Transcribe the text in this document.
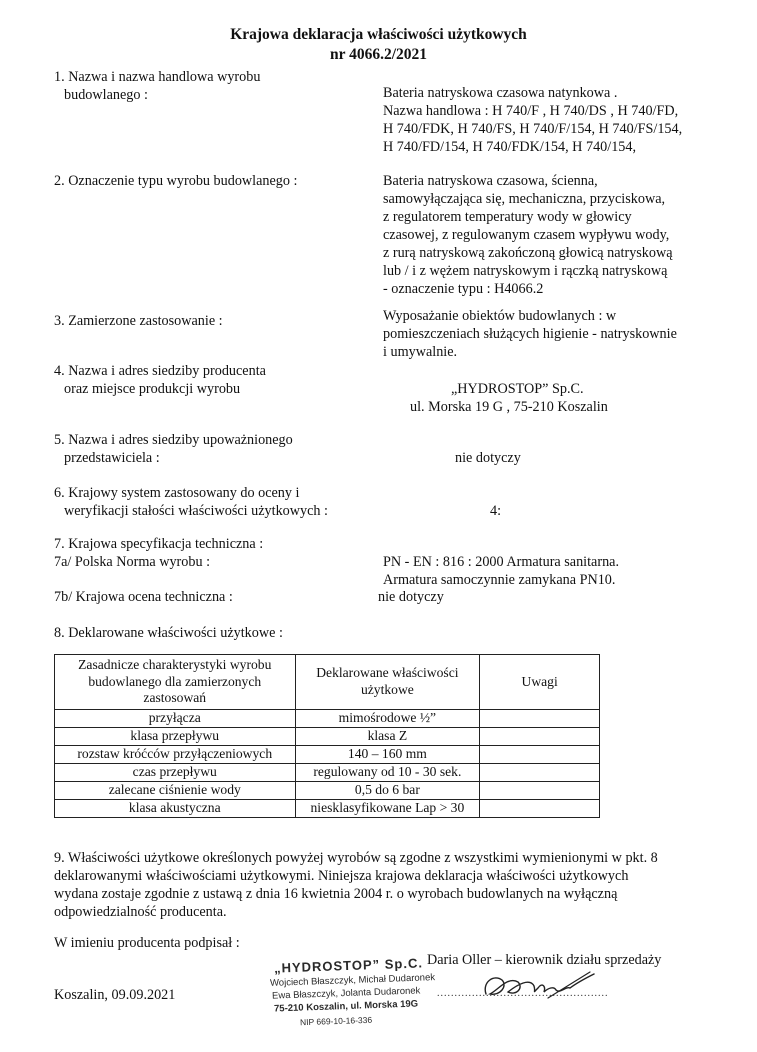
Krajowa deklaracja właściwości użytkowych
nr 4066.2/2021
1. Nazwa i nazwa handlowa wyrobu
budowlanego :	Bateria natryskowa czasowa natynkowa .
Nazwa handlowa : H 740/F , H 740/DS , H 740/FD,
H 740/FDK, H 740/FS, H 740/F/154, H 740/FS/154,
H 740/FD/154, H 740/FDK/154, H 740/154,
2. Oznaczenie typu wyrobu budowlanego :	Bateria natryskowa czasowa, ścienna,
samowyłączająca się, mechaniczna, przyciskowa,
z regulatorem temperatury wody w głowicy
czasowej, z regulowanym czasem wypływu wody,
z rurą natryskową zakończoną głowicą natryskową
lub / i z wężem natryskowym i rączką natryskową
- oznaczenie typu : H4066.2
3. Zamierzone zastosowanie :	Wyposażanie obiektów budowlanych : w
pomieszczeniach służących higienie - natryskownie
i umywalnie.
4. Nazwa i adres siedziby producenta
oraz miejsce produkcji wyrobu	„HYDROSTOP” Sp.C.
ul. Morska 19 G , 75-210 Koszalin
5. Nazwa i adres siedziby upoważnionego
przedstawiciela :	nie dotyczy
6. Krajowy system zastosowany do oceny i
weryfikacji stałości właściwości użytkowych :	4:
7. Krajowa specyfikacja techniczna :
7a/ Polska Norma wyrobu :	PN - EN : 816 : 2000 Armatura sanitarna.
Armatura samoczynnie zamykana PN10.
7b/ Krajowa ocena techniczna :	nie dotyczy
8. Deklarowane właściwości użytkowe :
Zasadnicze charakterystyki wyrobu budowlanego dla zamierzonych zastosowań	Deklarowane właściwości użytkowe	Uwagi
przyłącza	mimośrodowe ½”	
klasa przepływu	klasa Z	
rozstaw króćców przyłączeniowych	140 – 160 mm	
czas przepływu	regulowany od 10 - 30 sek.	
zalecane ciśnienie wody	0,5 do 6 bar	
klasa akustyczna	niesklasyfikowane Lap > 30	
9. Właściwości użytkowe określonych powyżej wyrobów są zgodne z wszystkimi wymienionymi w pkt. 8
deklarowanymi właściwościami użytkowymi. Niniejsza krajowa deklaracja właściwości użytkowych
wydana zostaje zgodnie z ustawą z dnia 16 kwietnia 2004 r. o wyrobach budowlanych na wyłączną
odpowiedzialność producenta.
W imieniu producenta podpisał :
Daria Oller – kierownik działu sprzedaży
Koszalin, 09.09.2021
„HYDROSTOP” Sp.C.
Wojciech Błaszczyk, Michał Dudaronek
Ewa Błaszczyk, Jolanta Dudaronek
75-210 Koszalin, ul. Morska 19G
NIP 669-10-16-336
.................................................
